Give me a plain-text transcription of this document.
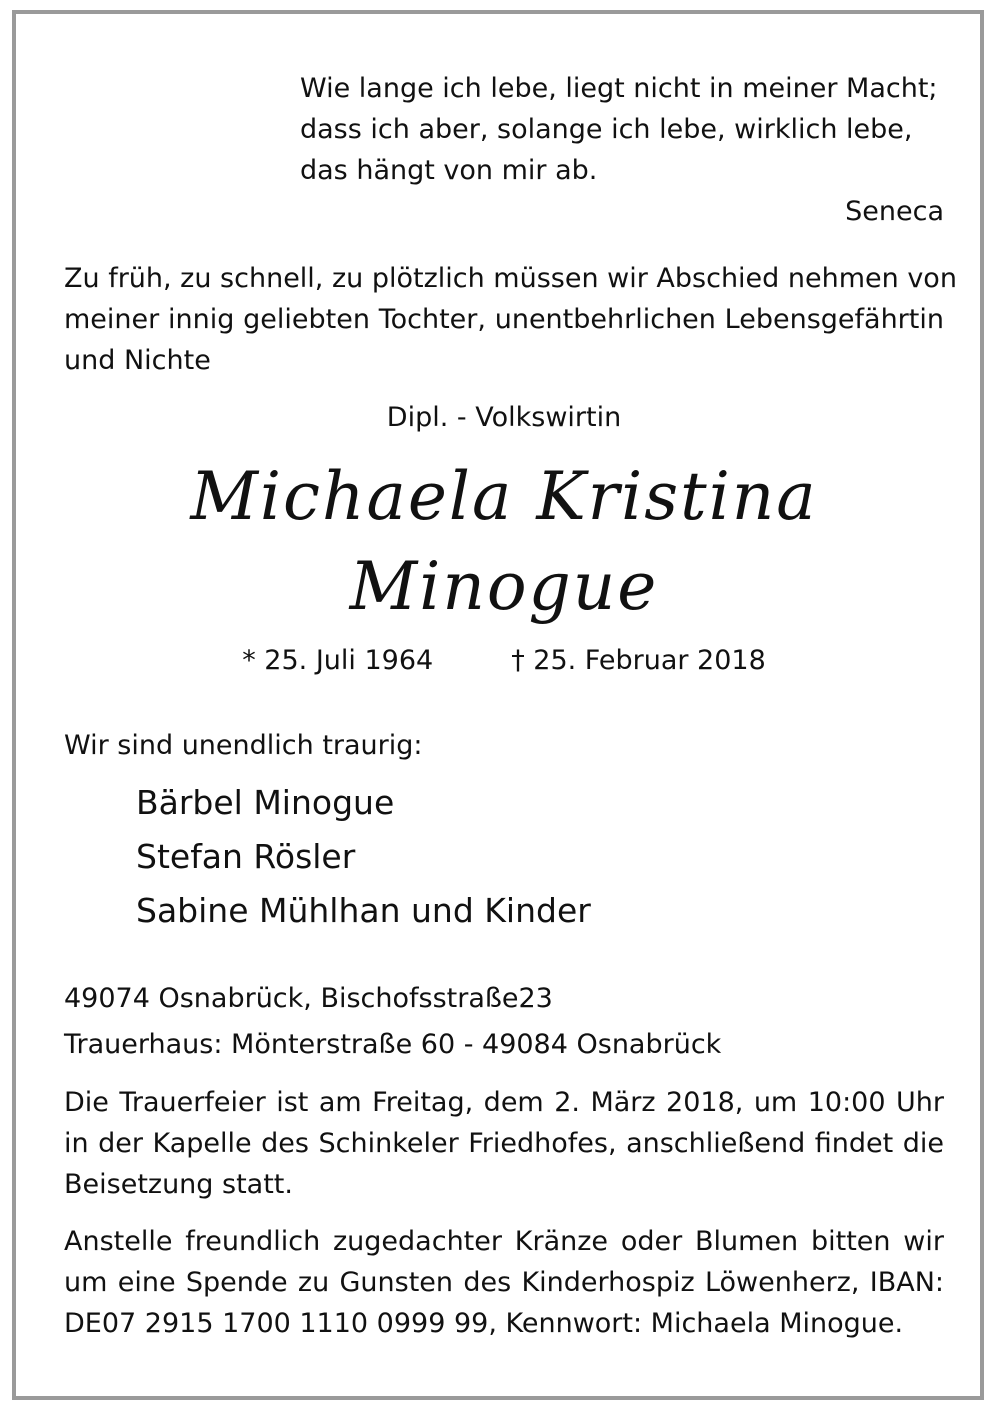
Wie lange ich lebe, liegt nicht in meiner Macht;
dass ich aber, solange ich lebe, wirklich lebe,
das hängt von mir ab.
Seneca
Zu früh, zu schnell, zu plötzlich müssen wir Abschied nehmen von
meiner innig geliebten Tochter, unentbehrlichen Lebensgefährtin
und Nichte
Dipl. - Volkswirtin
Michaela Kristina
Minogue
* 25. Juli 1964	† 25. Februar 2018
Wir sind unendlich traurig:
Bärbel Minogue
Stefan Rösler
Sabine Mühlhan und Kinder
49074 Osnabrück, Bischofsstraße23
Trauerhaus: Mönterstraße 60 - 49084 Osnabrück
Die Trauerfeier ist am Freitag, dem 2. März 2018, um 10:00 Uhr
in der Kapelle des Schinkeler Friedhofes, anschließend findet die
Beisetzung statt.
Anstelle freundlich zugedachter Kränze oder Blumen bitten wir
um eine Spende zu Gunsten des Kinderhospiz Löwenherz, IBAN:
DE07 2915 1700 1110 0999 99, Kennwort: Michaela Minogue.
